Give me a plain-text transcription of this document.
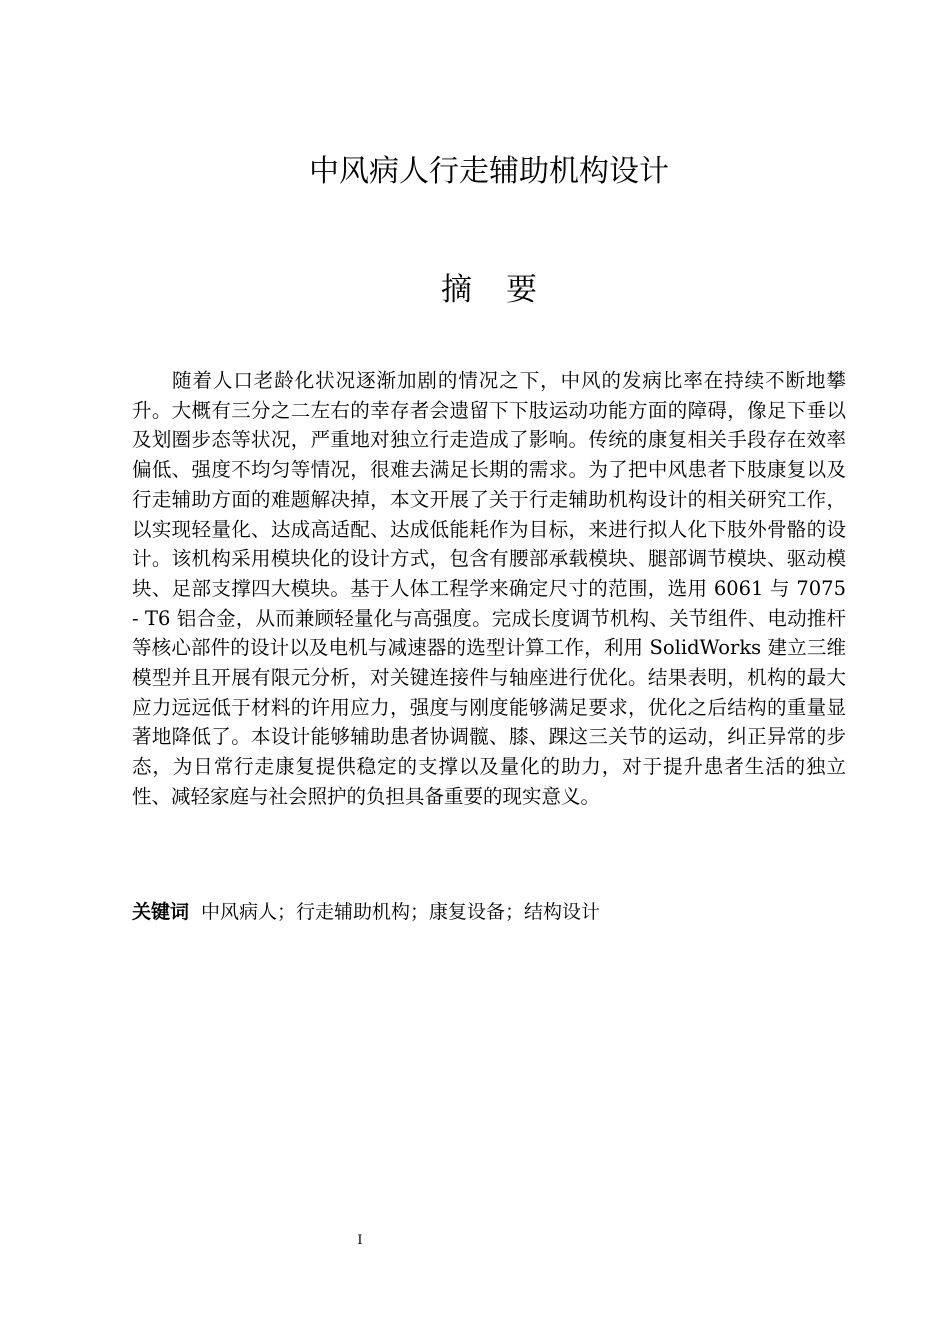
中风病人行走辅助机构设计
摘要

随着人口老龄化状况逐渐加剧的情况之下，中风的发病比率在持续不断地攀升。大概有三分之二左右的幸存者会遗留下下肢运动功能方面的障碍，像足下垂以及划圈步态等状况，严重地对独立行走造成了影响。传统的康复相关手段存在效率偏低、强度不均匀等情况，很难去满足长期的需求。为了把中风患者下肢康复以及行走辅助方面的难题解决掉，本文开展了关于行走辅助机构设计的相关研究工作，以实现轻量化、达成高适配、达成低能耗作为目标，来进行拟人化下肢外骨骼的设计。该机构采用模块化的设计方式，包含有腰部承载模块、腿部调节模块、驱动模块、足部支撑四大模块。基于人体工程学来确定尺寸的范围，选用 6061 与 7075 - T6 铝合金，从而兼顾轻量化与高强度。完成长度调节机构、关节组件、电动推杆等核心部件的设计以及电机与减速器的选型计算工作，利用 SolidWorks 建立三维模型并且开展有限元分析，对关键连接件与轴座进行优化。结果表明，机构的最大应力远远低于材料的许用应力，强度与刚度能够满足要求，优化之后结构的重量显著地降低了。本设计能够辅助患者协调髋、膝、踝这三关节的运动，纠正异常的步态，为日常行走康复提供稳定的支撑以及量化的助力，对于提升患者生活的独立性、减轻家庭与社会照护的负担具备重要的现实意义。

关键词 中风病人；行走辅助机构；康复设备；结构设计

I
